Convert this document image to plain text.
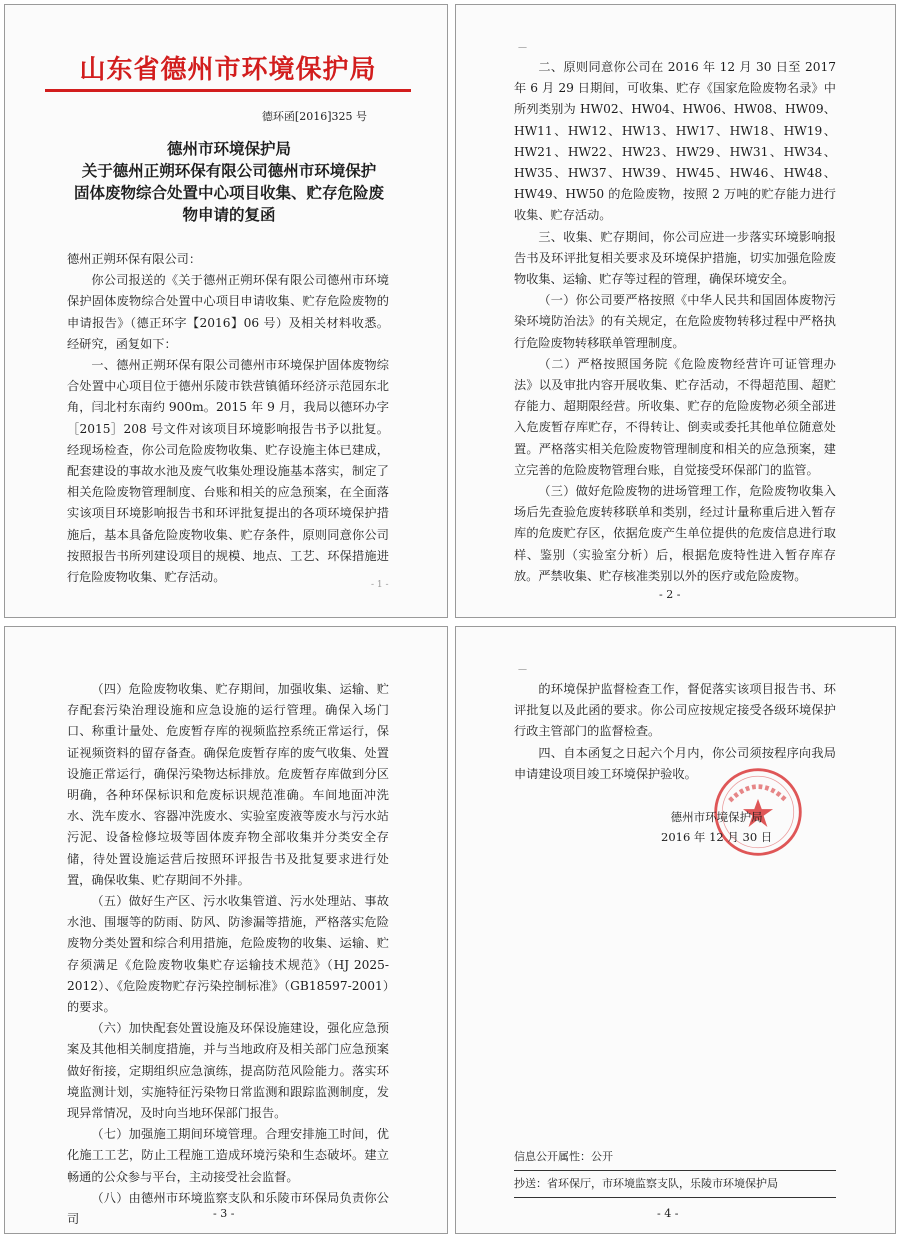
山东省德州市环境保护局
德环函[2016]325 号
德州市环境保护局
关于德州正朔环保有限公司德州市环境保护
固体废物综合处置中心项目收集、贮存危险废
物申请的复函

德州正朔环保有限公司：

你公司报送的《关于德州正朔环保有限公司德州市环境保护固体废物综合处置中心项目申请收集、贮存危险废物的申请报告》（德正环字【2016】06 号）及相关材料收悉。经研究，函复如下：

一、德州正朔环保有限公司德州市环境保护固体废物综合处置中心项目位于德州乐陵市铁营镇循环经济示范园东北角，闫北村东南约 900m。2015 年 9 月，我局以德环办字［2015］208 号文件对该项目环境影响报告书予以批复。经现场检查，你公司危险废物收集、贮存设施主体已建成，配套建设的事故水池及废气收集处理设施基本落实，制定了相关危险废物管理制度、台账和相关的应急预案，在全面落实该项目环境影响报告书和环评批复提出的各项环境保护措施后，基本具备危险废物收集、贮存条件，原则同意你公司按照报告书所列建设项目的规模、地点、工艺、环保措施进行危险废物收集、贮存活动。

- 1 -
—

二、原则同意你公司在 2016 年 12 月 30 日至 2017 年 6 月 29 日期间，可收集、贮存《国家危险废物名录》中所列类别为 HW02、HW04、HW06、HW08、HW09、HW11、HW12、HW13、HW17、HW18、HW19、HW21、HW22、HW23、HW29、HW31、HW34、HW35、HW37、HW39、HW45、HW46、HW48、HW49、HW50 的危险废物，按照 2 万吨的贮存能力进行收集、贮存活动。

三、收集、贮存期间，你公司应进一步落实环境影响报告书及环评批复相关要求及环境保护措施，切实加强危险废物收集、运输、贮存等过程的管理，确保环境安全。

（一）你公司要严格按照《中华人民共和国固体废物污染环境防治法》的有关规定，在危险废物转移过程中严格执行危险废物转移联单管理制度。

（二）严格按照国务院《危险废物经营许可证管理办法》以及审批内容开展收集、贮存活动，不得超范围、超贮存能力、超期限经营。所收集、贮存的危险废物必须全部进入危废暂存库贮存，不得转让、倒卖或委托其他单位随意处置。严格落实相关危险废物管理制度和相关的应急预案，建立完善的危险废物管理台账，自觉接受环保部门的监管。

（三）做好危险废物的进场管理工作，危险废物收集入场后先查验危废转移联单和类别，经过计量称重后进入暂存库的危废贮存区，依据危废产生单位提供的危废信息进行取样、鉴别（实验室分析）后，根据危废特性进入暂存库存放。严禁收集、贮存核准类别以外的医疗或危险废物。

- 2 -

（四）危险废物收集、贮存期间，加强收集、运输、贮存配套污染治理设施和应急设施的运行管理。确保入场门口、称重计量处、危废暂存库的视频监控系统正常运行，保证视频资料的留存备查。确保危废暂存库的废气收集、处置设施正常运行，确保污染物达标排放。危废暂存库做到分区明确，各种环保标识和危废标识规范准确。车间地面冲洗水、洗车废水、容器冲洗废水、实验室废液等废水与污水站污泥、设备检修垃圾等固体废弃物全部收集并分类安全存储，待处置设施运营后按照环评报告书及批复要求进行处置，确保收集、贮存期间不外排。

（五）做好生产区、污水收集管道、污水处理站、事故水池、围堰等的防雨、防风、防渗漏等措施，严格落实危险废物分类处置和综合利用措施，危险废物的收集、运输、贮存须满足《危险废物收集贮存运输技术规范》（HJ 2025-2012）、《危险废物贮存污染控制标准》（GB18597-2001）的要求。

（六）加快配套处置设施及环保设施建设，强化应急预案及其他相关制度措施，并与当地政府及相关部门应急预案做好衔接，定期组织应急演练，提高防范风险能力。落实环境监测计划，实施特征污染物日常监测和跟踪监测制度，发现异常情况，及时向当地环保部门报告。

（七）加强施工期间环境管理。合理安排施工时间，优化施工工艺，防止工程施工造成环境污染和生态破坏。建立畅通的公众参与平台，主动接受社会监督。

（八）由德州市环境监察支队和乐陵市环保局负责你公司	- 3 -
—

的环境保护监督检查工作，督促落实该项目报告书、环评批复以及此函的要求。你公司应按规定接受各级环境保护行政主管部门的监督检查。

四、自本函复之日起六个月内，你公司须按程序向我局申请建设项目竣工环境保护验收。

德州市环境保护局
2016 年 12 月 30 日
信息公开属性：公开
抄送：省环保厅，市环境监察支队，乐陵市环境保护局
- 4 -
